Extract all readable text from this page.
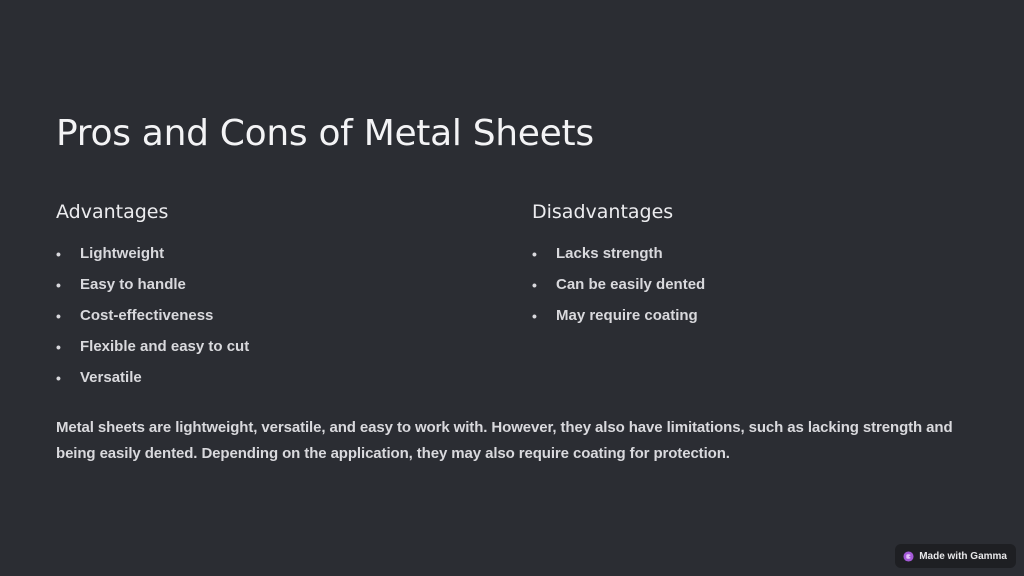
Pros and Cons of Metal Sheets
Advantages
• Lightweight
• Easy to handle
• Cost-effectiveness
• Flexible and easy to cut
• Versatile
Disadvantages
• Lacks strength
• Can be easily dented
• May require coating

Metal sheets are lightweight, versatile, and easy to work with. However, they also have limitations, such as lacking strength and being easily dented. Depending on the application, they may also require coating for protection.

Made with Gamma
